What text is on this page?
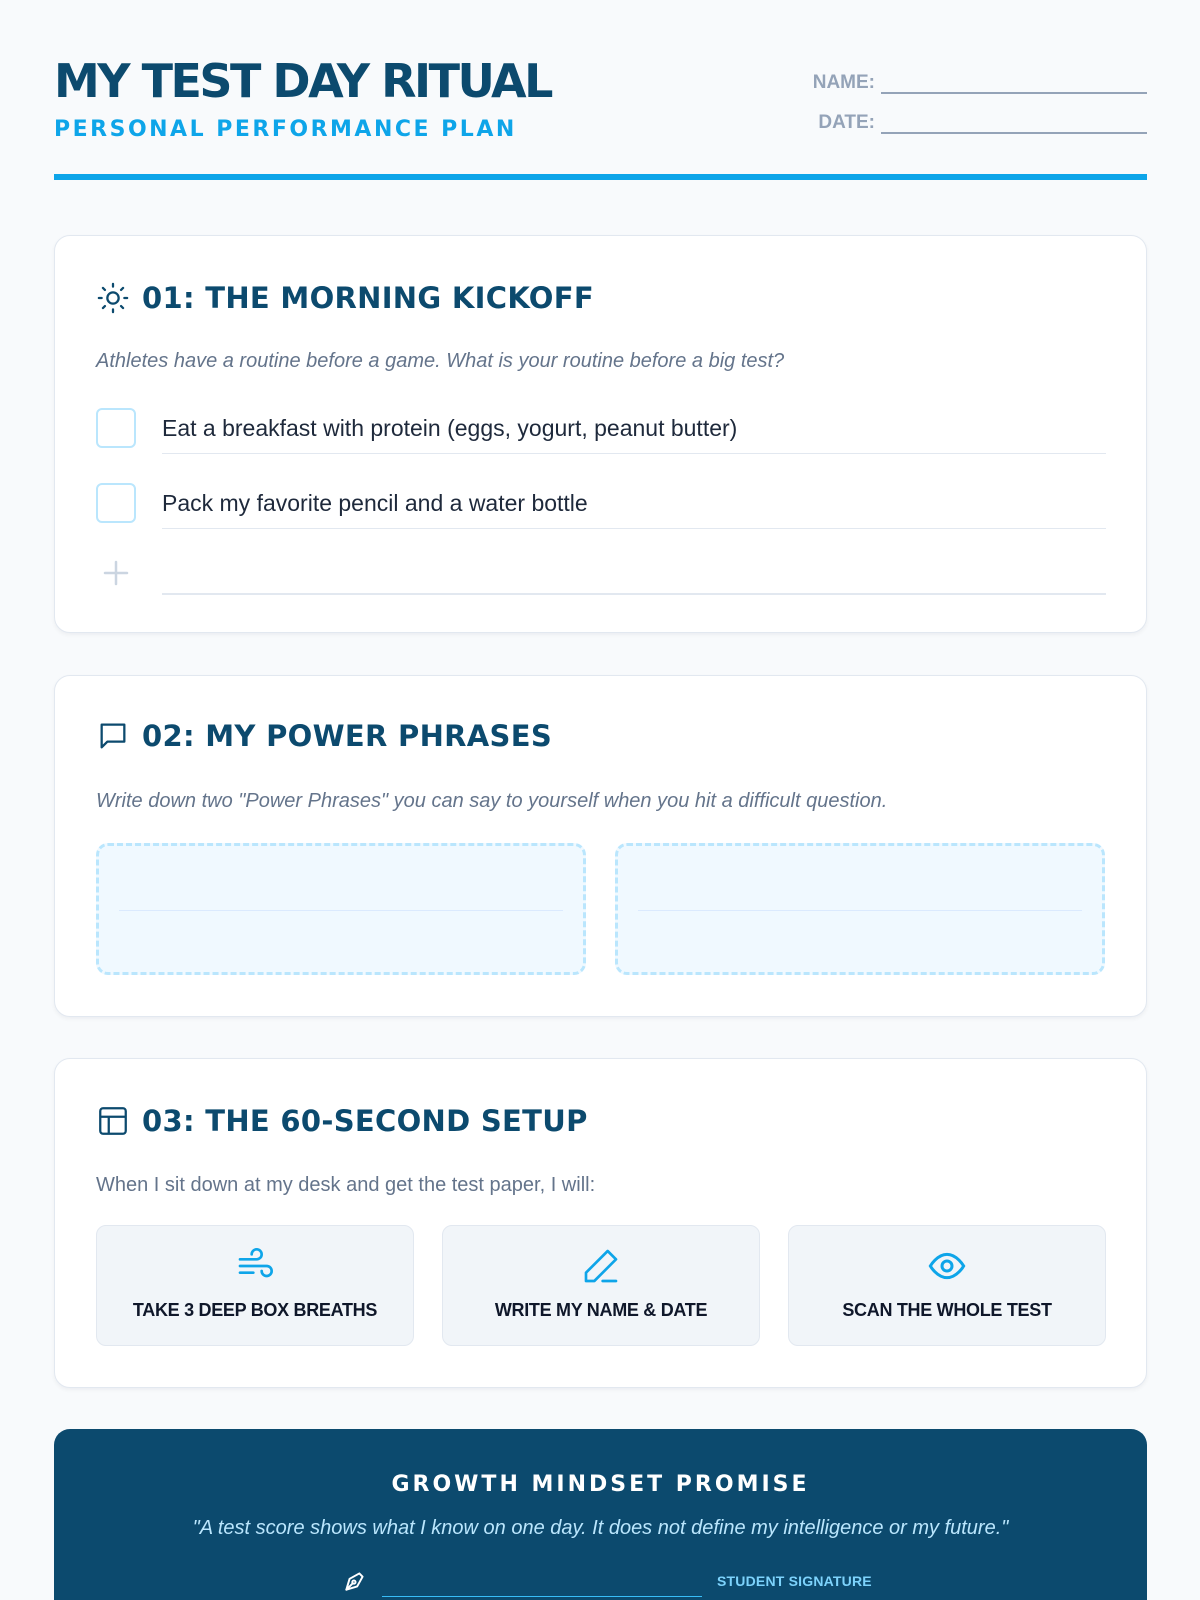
MY TEST DAY RITUAL
PERSONAL PERFORMANCE PLAN
NAME:
DATE:
01: THE MORNING KICKOFF
Athletes have a routine before a game. What is your routine before a big test?
Eat a breakfast with protein (eggs, yogurt, peanut butter)
Pack my favorite pencil and a water bottle
02: MY POWER PHRASES
Write down two "Power Phrases" you can say to yourself when you hit a difficult question.
03: THE 60-SECOND SETUP
When I sit down at my desk and get the test paper, I will:
TAKE 3 DEEP BOX BREATHS	WRITE MY NAME & DATE	SCAN THE WHOLE TEST
GROWTH MINDSET PROMISE
"A test score shows what I know on one day. It does not define my intelligence or my future."
STUDENT SIGNATURE
